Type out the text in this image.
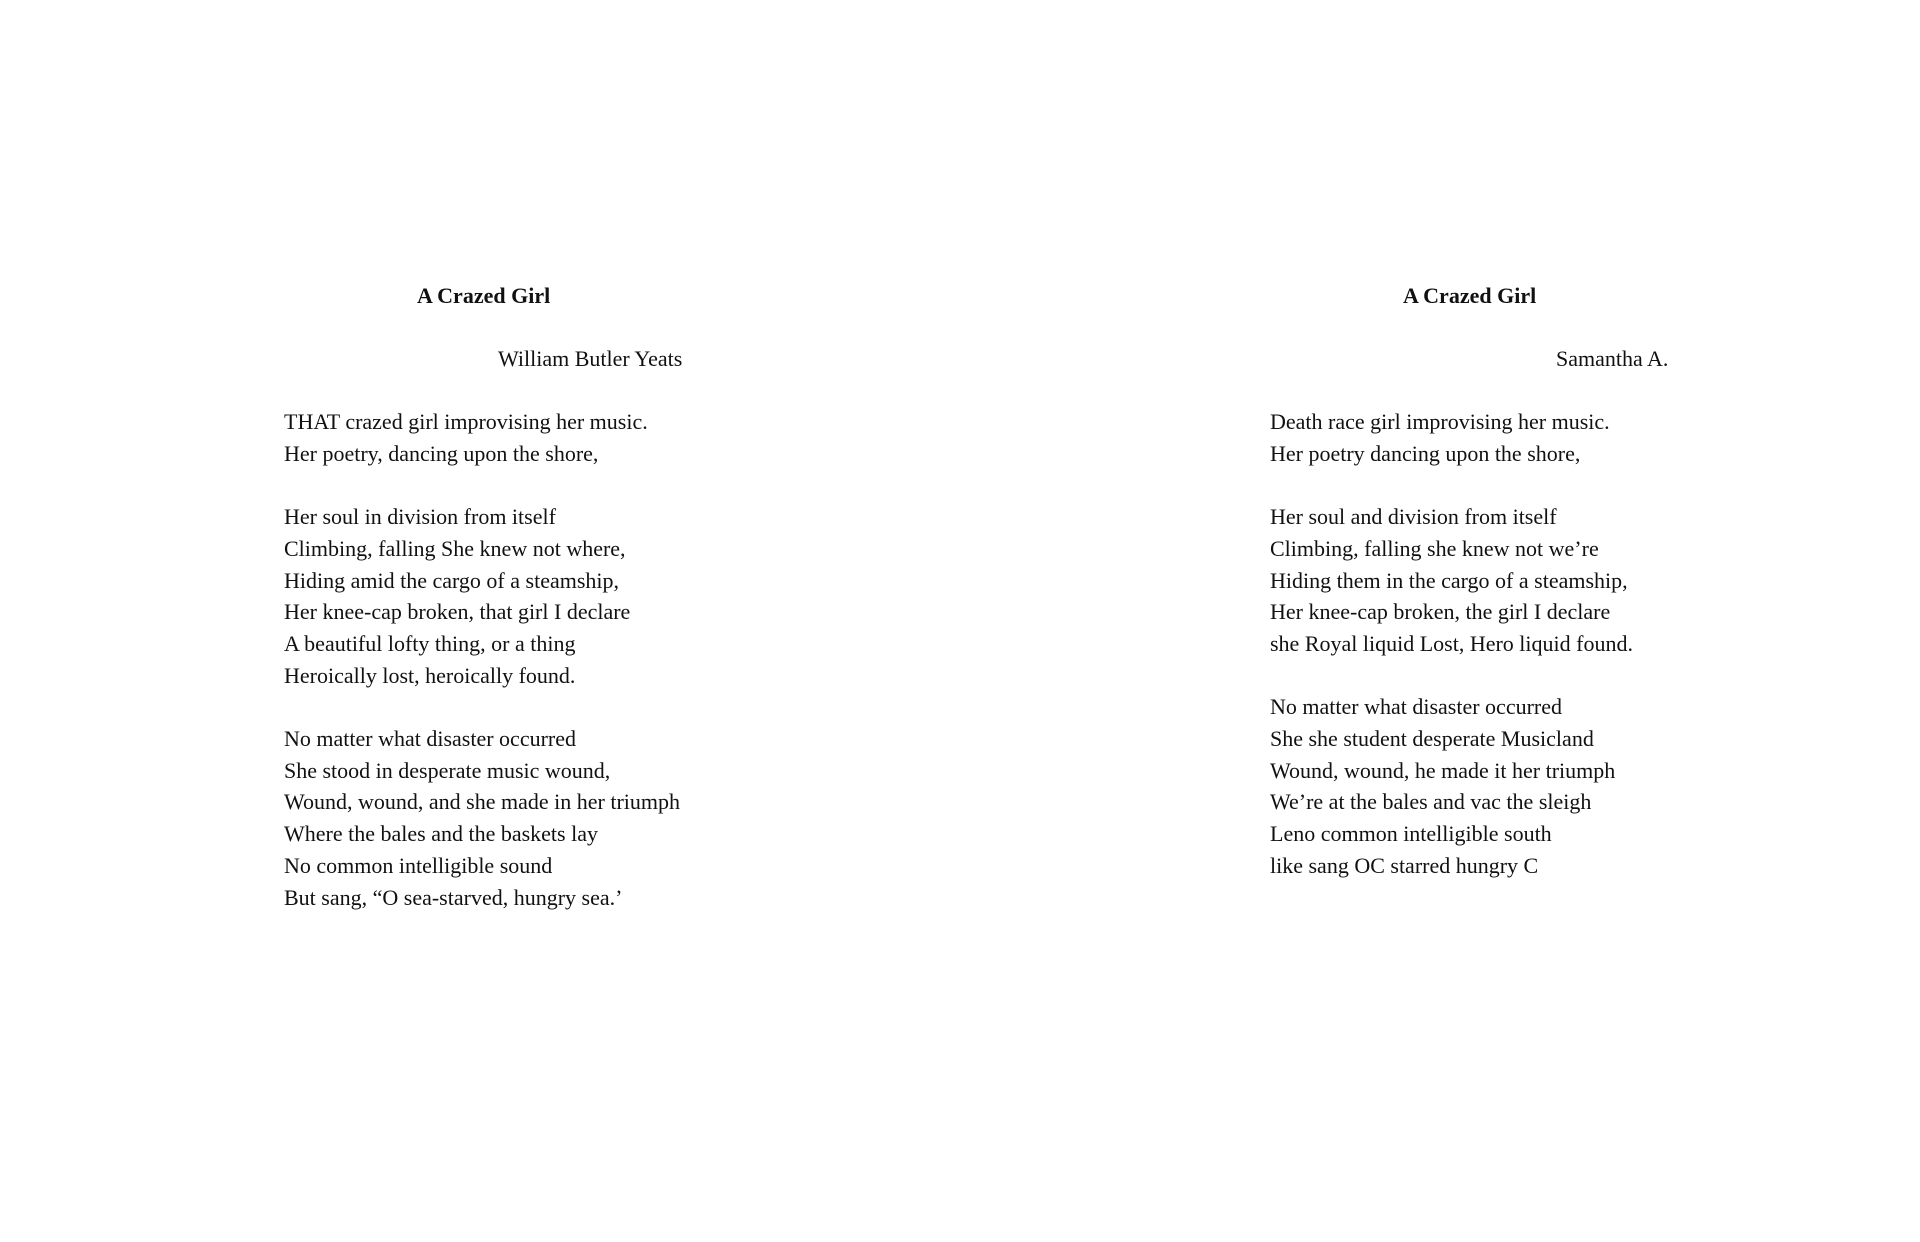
A Crazed Girl
William Butler Yeats
THAT crazed girl improvising her music.
Her poetry, dancing upon the shore,
Her soul in division from itself
Climbing, falling She knew not where,
Hiding amid the cargo of a steamship,
Her knee-cap broken, that girl I declare
A beautiful lofty thing, or a thing
Heroically lost, heroically found.
No matter what disaster occurred
She stood in desperate music wound,
Wound, wound, and she made in her triumph
Where the bales and the baskets lay
No common intelligible sound
But sang, “O sea-starved, hungry sea.’
A Crazed Girl
Samantha A.
Death race girl improvising her music.
Her poetry dancing upon the shore,
Her soul and division from itself
Climbing, falling she knew not we’re
Hiding them in the cargo of a steamship,
Her knee-cap broken, the girl I declare
she Royal liquid Lost, Hero liquid found.
No matter what disaster occurred
She she student desperate Musicland
Wound, wound, he made it her triumph
We’re at the bales and vac the sleigh
Leno common intelligible south
like sang OC starred hungry C
